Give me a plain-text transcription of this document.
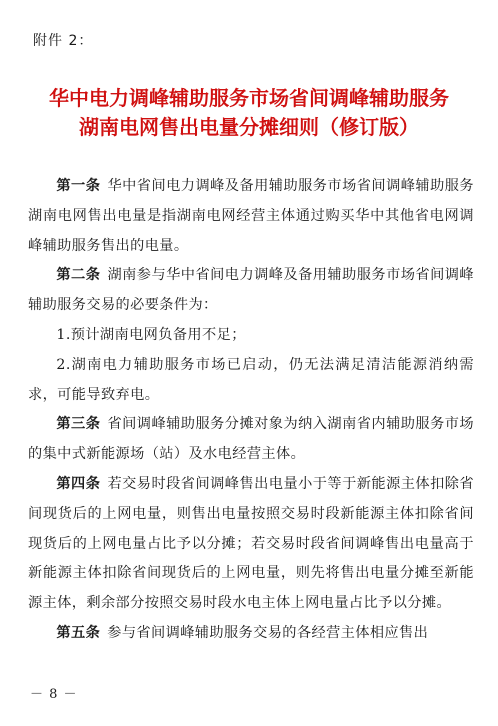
附件 2：
华中电力调峰辅助服务市场省间调峰辅助服务
湖南电网售出电量分摊细则（修订版）

第一条 华中省间电力调峰及备用辅助服务市场省间调峰辅助服务湖南电网售出电量是指湖南电网经营主体通过购买华中其他省电网调峰辅助服务售出的电量。

第二条 湖南参与华中省间电力调峰及备用辅助服务市场省间调峰辅助服务交易的必要条件为：

1.预计湖南电网负备用不足；

2.湖南电力辅助服务市场已启动，仍无法满足清洁能源消纳需求，可能导致弃电。

第三条 省间调峰辅助服务分摊对象为纳入湖南省内辅助服务市场的集中式新能源场（站）及水电经营主体。

第四条 若交易时段省间调峰售出电量小于等于新能源主体扣除省间现货后的上网电量，则售出电量按照交易时段新能源主体扣除省间现货后的上网电量占比予以分摊；若交易时段省间调峰售出电量高于新能源主体扣除省间现货后的上网电量，则先将售出电量分摊至新能源主体，剩余部分按照交易时段水电主体上网电量占比予以分摊。

第五条 参与省间调峰辅助服务交易的各经营主体相应售出

－ 8 －
